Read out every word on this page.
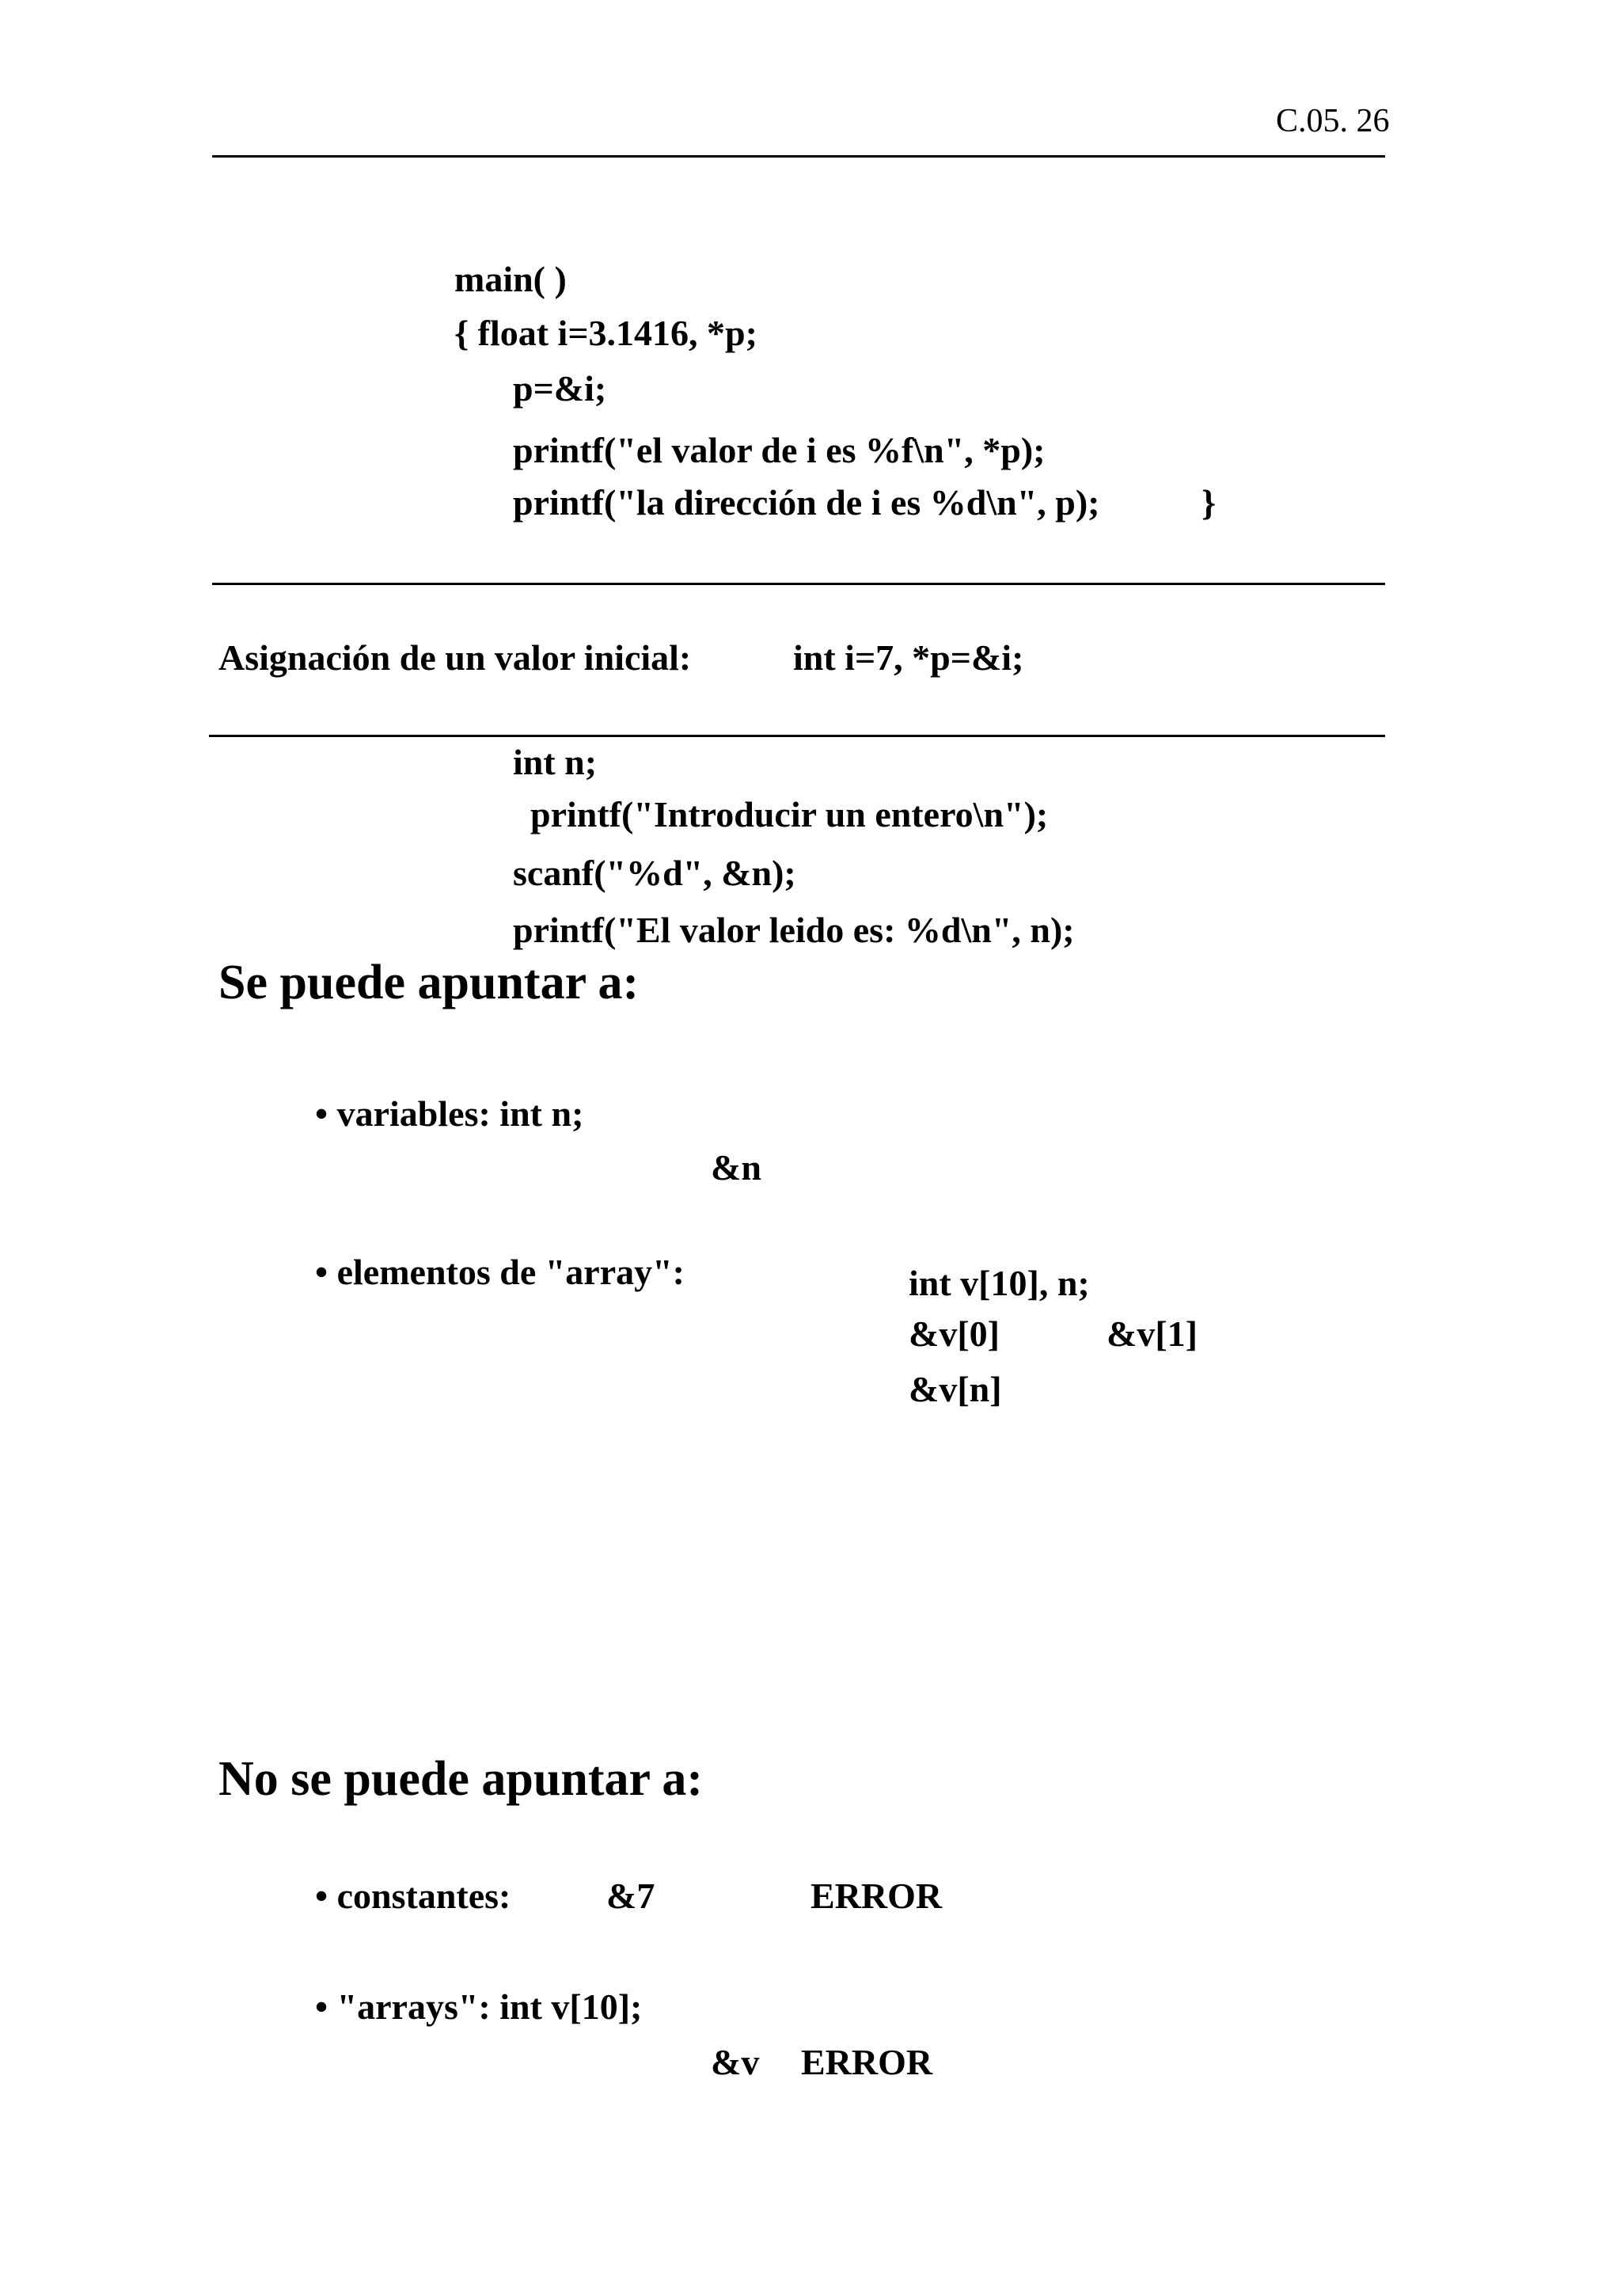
C.05. 26
main( )
{ float i=3.1416, *p;
p=&i;
printf("el valor de i es %f\n", *p);
printf("la dirección de i es %d\n", p);	}
Asignación de un valor inicial:	int i=7, *p=&i;
int n;
printf("Introducir un entero\n");
scanf("%d", &n);
printf("El valor leido es: %d\n", n);
Se puede apuntar a:
• variables: int n;
&n
• elementos de "array":	int v[10], n;
&v[0]	&v[1]
&v[n]
No se puede apuntar a:
• constantes:	&7	ERROR
• "arrays": int v[10];
&v ERROR
